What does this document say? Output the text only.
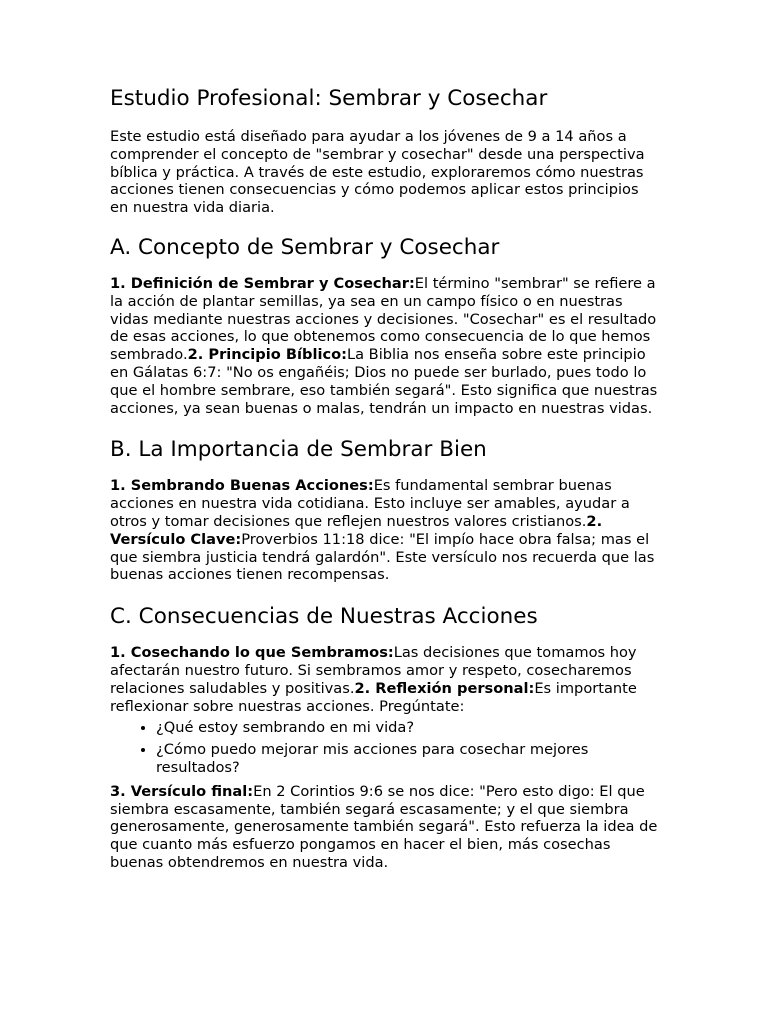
Estudio Profesional: Sembrar y Cosechar

Este estudio está diseñado para ayudar a los jóvenes de 9 a 14 años a comprender el concepto de "sembrar y cosechar" desde una perspectiva bíblica y práctica. A través de este estudio, exploraremos cómo nuestras acciones tienen consecuencias y cómo podemos aplicar estos principios en nuestra vida diaria.

A. Concepto de Sembrar y Cosechar

1. Definición de Sembrar y Cosechar:El término "sembrar" se refiere a la acción de plantar semillas, ya sea en un campo físico o en nuestras vidas mediante nuestras acciones y decisiones. "Cosechar" es el resultado de esas acciones, lo que obtenemos como consecuencia de lo que hemos sembrado.2. Principio Bíblico:La Biblia nos enseña sobre este principio en Gálatas 6:7: "No os engañéis; Dios no puede ser burlado, pues todo lo que el hombre sembrare, eso también segará". Esto significa que nuestras acciones, ya sean buenas o malas, tendrán un impacto en nuestras vidas.

B. La Importancia de Sembrar Bien

1. Sembrando Buenas Acciones:Es fundamental sembrar buenas acciones en nuestra vida cotidiana. Esto incluye ser amables, ayudar a otros y tomar decisiones que reflejen nuestros valores cristianos.2. Versículo Clave:Proverbios 11:18 dice: "El impío hace obra falsa; mas el que siembra justicia tendrá galardón". Este versículo nos recuerda que las buenas acciones tienen recompensas.

C. Consecuencias de Nuestras Acciones

1. Cosechando lo que Sembramos:Las decisiones que tomamos hoy afectarán nuestro futuro. Si sembramos amor y respeto, cosecharemos relaciones saludables y positivas.2. Reflexión personal:Es importante reflexionar sobre nuestras acciones. Pregúntate:

• ¿Qué estoy sembrando en mi vida?
• ¿Cómo puedo mejorar mis acciones para cosechar mejores resultados?

3. Versículo final:En 2 Corintios 9:6 se nos dice: "Pero esto digo: El que siembra escasamente, también segará escasamente; y el que siembra generosamente, generosamente también segará". Esto refuerza la idea de que cuanto más esfuerzo pongamos en hacer el bien, más cosechas buenas obtendremos en nuestra vida.
